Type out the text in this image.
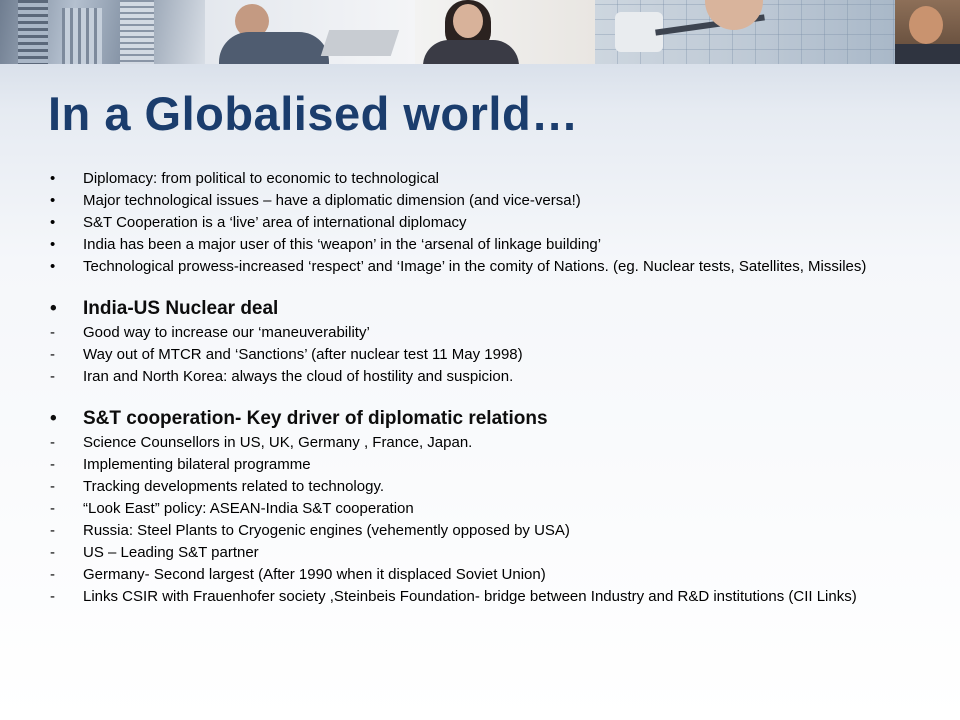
In a Globalised world…
•	Diplomacy: from political to economic to technological
•	Major technological issues – have a diplomatic dimension (and vice-versa!)
•	S&T Cooperation is a ‘live’ area of international diplomacy
•	India has been a major user of this ‘weapon’ in the ‘arsenal of linkage building’
•	Technological prowess-increased ‘respect’ and ‘Image’ in the comity of Nations. (eg. Nuclear tests, Satellites, Missiles)
•	India-US Nuclear deal
-	Good way to increase our ‘maneuverability’
-	Way out of MTCR and ‘Sanctions’ (after nuclear test 11 May 1998)
-	Iran and North Korea: always the cloud of hostility and suspicion.
•	S&T cooperation- Key driver of diplomatic relations
-	Science Counsellors in US, UK, Germany , France, Japan.
-	Implementing bilateral programme
-	Tracking developments related to technology.
-	“Look East” policy: ASEAN-India S&T cooperation
-	Russia: Steel Plants to Cryogenic engines (vehemently opposed by USA)
-	US – Leading S&T partner
-	Germany- Second largest (After 1990 when it displaced Soviet Union)
-	Links CSIR with Frauenhofer society ,Steinbeis Foundation- bridge between Industry and R&D institutions (CII Links)
